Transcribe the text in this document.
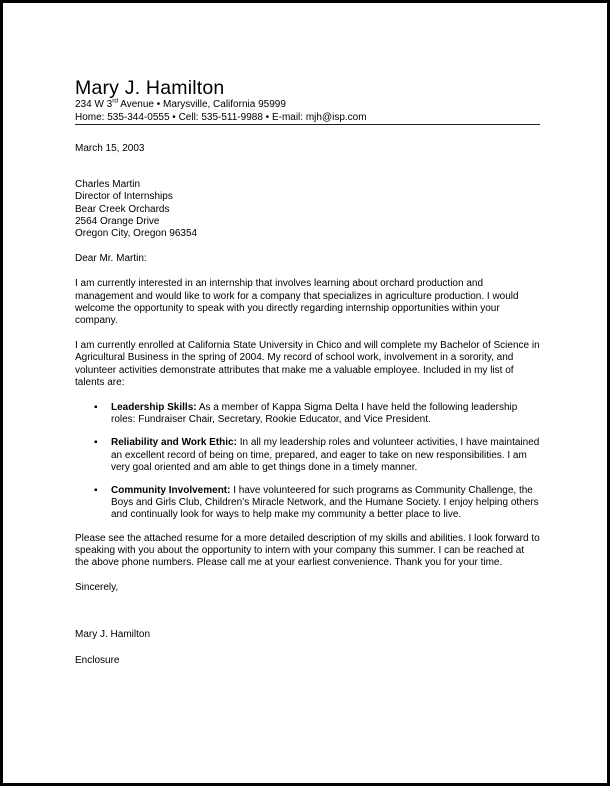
Mary J. Hamilton
234 W 3rd Avenue • Marysville, California 95999
Home: 535-344-0555 • Cell: 535-511-9988 • E-mail: mjh@isp.com

March 15, 2003

Charles Martin
Director of Internships
Bear Creek Orchards
2564 Orange Drive
Oregon City, Oregon 96354

Dear Mr. Martin:

I am currently interested in an internship that involves learning about orchard production and management and would like to work for a company that specializes in agriculture production. I would welcome the opportunity to speak with you directly regarding internship opportunities within your company.

I am currently enrolled at California State University in Chico and will complete my Bachelor of Science in Agricultural Business in the spring of 2004. My record of school work, involvement in a sorority, and volunteer activities demonstrate attributes that make me a valuable employee. Included in my list of talents are:

▪ Leadership Skills: As a member of Kappa Sigma Delta I have held the following leadership roles: Fundraiser Chair, Secretary, Rookie Educator, and Vice President.
▪ Reliability and Work Ethic: In all my leadership roles and volunteer activities, I have maintained an excellent record of being on time, prepared, and eager to take on new responsibilities. I am very goal oriented and am able to get things done in a timely manner.
▪ Community Involvement: I have volunteered for such programs as Community Challenge, the Boys and Girls Club, Children’s Miracle Network, and the Humane Society. I enjoy helping others and continually look for ways to help make my community a better place to live.

Please see the attached resume for a more detailed description of my skills and abilities. I look forward to speaking with you about the opportunity to intern with your company this summer. I can be reached at the above phone numbers. Please call me at your earliest convenience. Thank you for your time.

Sincerely,

Mary J. Hamilton

Enclosure
